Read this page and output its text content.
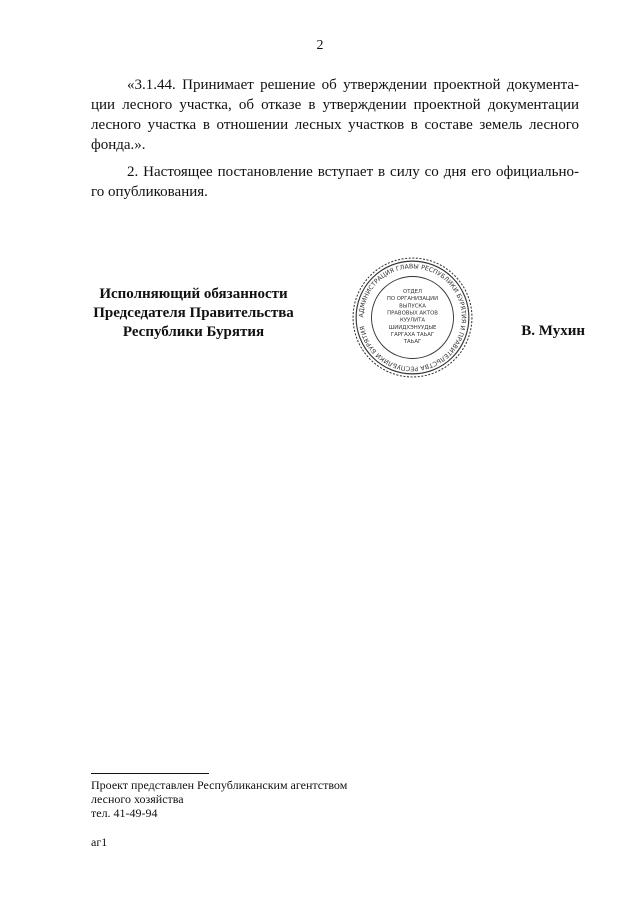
2
«3.1.44. Принимает решение об утверждении проектной документа-
ции лесного участка, об отказе в утверждении проектной документации
лесного участка в отношении лесных участков в составе земель лесного
фонда.».
2. Настоящее постановление вступает в силу со дня его официально-
го опубликования.
Исполняющий обязанности
Председателя Правительства
Республики Бурятия
АДМИНИСТРАЦИЯ ГЛАВЫ РЕСПУБЛИКИ БУРЯТИЯ И ПРАВИТЕЛЬСТВА РЕСПУБЛИКИ БУРЯТИЯ
ОТДЕЛ
ПО ОРГАНИЗАЦИИ
ВЫПУСКА
ПРАВОВЫХ АКТОВ
КУУЛИТА
ШИИДХЭНУУДЫЕ
ГАРГАХА ТАЬАГ
ТАЬАГ
В. Мухин
Проект представлен Республиканским агентством
лесного хозяйства
тел. 41-49-94
аг1
